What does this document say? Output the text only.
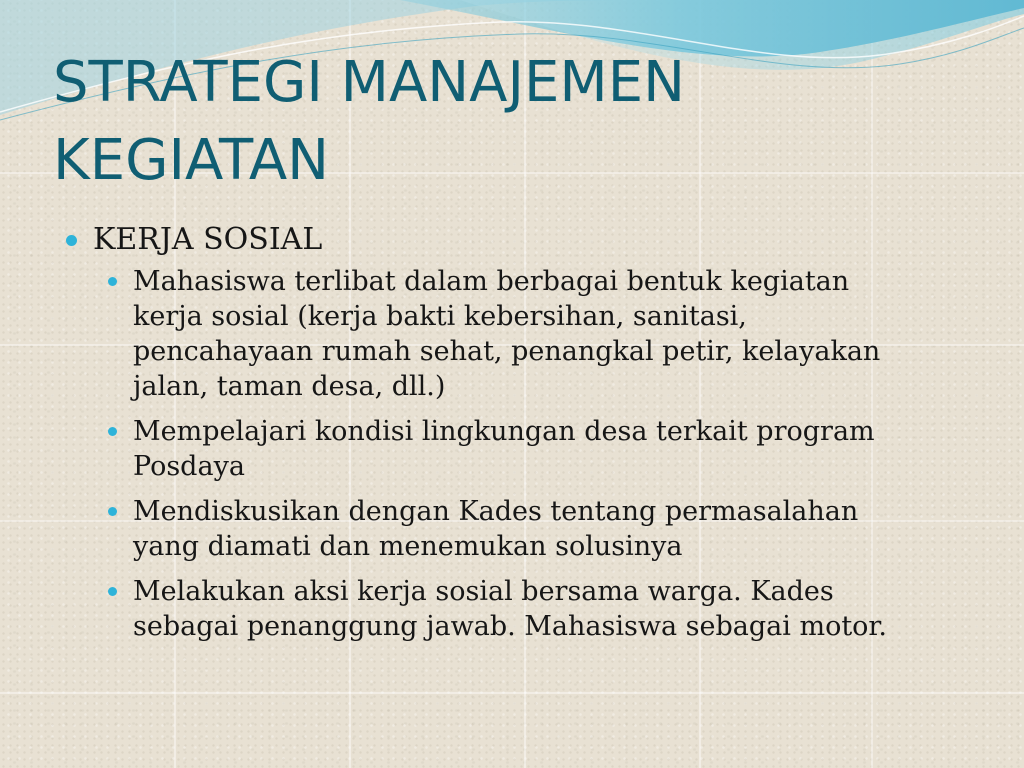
STRATEGI MANAJEMEN KEGIATAN
KERJA SOSIAL
Mahasiswa terlibat dalam berbagai bentuk kegiatan kerja sosial (kerja bakti kebersihan, sanitasi, pencahayaan rumah sehat, penangkal petir, kelayakan jalan, taman desa, dll.)
Mempelajari kondisi lingkungan desa terkait program Posdaya
Mendiskusikan dengan Kades tentang permasalahan yang diamati dan menemukan solusinya
Melakukan aksi kerja sosial bersama warga. Kades sebagai penanggung jawab. Mahasiswa sebagai motor.
